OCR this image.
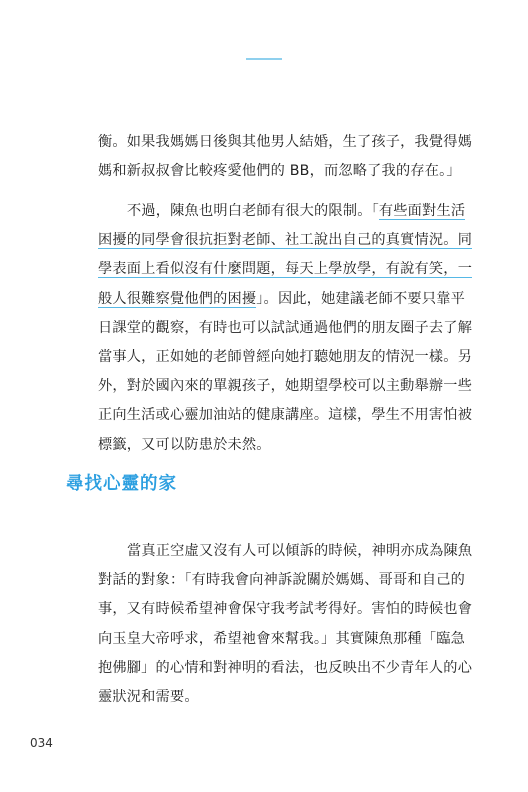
衡。如果我媽媽日後與其他男人結婚，生了孩子，我覺得媽
媽和新叔叔會比較疼愛他們的 BB，而忽略了我的存在。」
不過，陳魚也明白老師有很大的限制。「有些面對生活
困擾的同學會很抗拒對老師、社工說出自己的真實情況。同
學表面上看似沒有什麼問題，每天上學放學，有說有笑，一
般人很難察覺他們的困擾」。因此，她建議老師不要只靠平
日課堂的觀察，有時也可以試試通過他們的朋友圈子去了解
當事人，正如她的老師曾經向她打聽她朋友的情況一樣。另
外，對於國內來的單親孩子，她期望學校可以主動舉辦一些
正向生活或心靈加油站的健康講座。這樣，學生不用害怕被
標籤，又可以防患於未然。
尋找心靈的家
當真正空虛又沒有人可以傾訴的時候，神明亦成為陳魚
對話的對象：「有時我會向神訴說關於媽媽、哥哥和自己的
事，又有時候希望神會保守我考試考得好。害怕的時候也會
向玉皇大帝呼求，希望祂會來幫我。」其實陳魚那種「臨急
抱佛腳」的心情和對神明的看法，也反映出不少青年人的心
靈狀況和需要。
034
